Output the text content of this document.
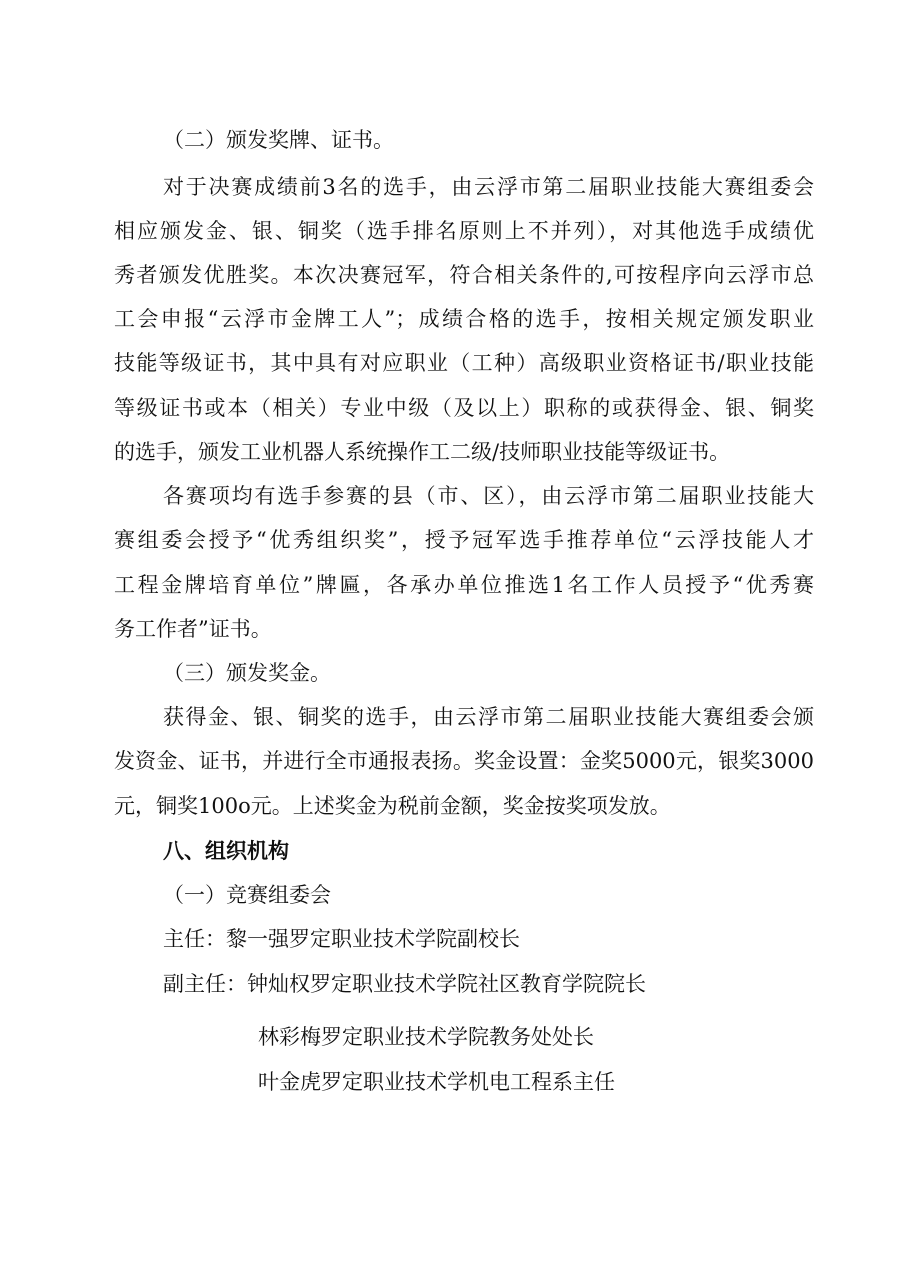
（二）颁发奖牌、证书。
对于决赛成绩前3名的选手，由云浮市第二届职业技能大赛组委会
相应颁发金、银、铜奖（选手排名原则上不并列），对其他选手成绩优
秀者颁发优胜奖。本次决赛冠军，符合相关条件的,可按程序向云浮市总
工会申报“云浮市金牌工人”；成绩合格的选手，按相关规定颁发职业
技能等级证书，其中具有对应职业（工种）高级职业资格证书/职业技能
等级证书或本（相关）专业中级（及以上）职称的或获得金、银、铜奖
的选手，颁发工业机器人系统操作工二级/技师职业技能等级证书。
各赛项均有选手参赛的县（市、区），由云浮市第二届职业技能大
赛组委会授予“优秀组织奖”，授予冠军选手推荐单位“云浮技能人才
工程金牌培育单位”牌匾，各承办单位推选1名工作人员授予“优秀赛
务工作者”证书。
（三）颁发奖金。
获得金、银、铜奖的选手，由云浮市第二届职业技能大赛组委会颁
发资金、证书，并进行全市通报表扬。奖金设置：金奖5000元，银奖3000
元，铜奖100o元。上述奖金为税前金额，奖金按奖项发放。
八、组织机构
（一）竞赛组委会
主任：黎一强罗定职业技术学院副校长
副主任：钟灿权罗定职业技术学院社区教育学院院长
林彩梅罗定职业技术学院教务处处长
叶金虎罗定职业技术学机电工程系主任
